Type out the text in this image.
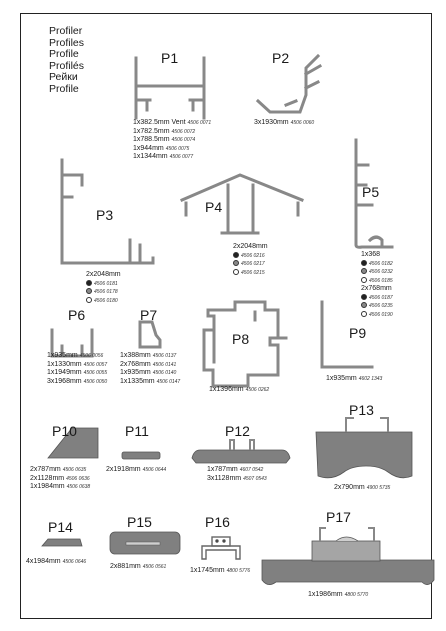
Profiler
Profiles
Profile
Profilés
Рейки
Profile
P1	P2
P3	P4
P5
P6	P7
P8	P9
P10	P11	P12
P13
P14	P15	P16	P17
1x382.5mm Vent 4506 0071
1x782.5mm 4506 0072
1x788.5mm 4506 0074
1x944mm 4506 0075
1x1344mm 4506 0077
3x1930mm 4506 0060
2x2048mm
4506 0181
4506 0178
4506 0180
2x2048mm
4506 0216
4506 0217
4506 0215
1x368
4506 0182
4506 0232
4506 0185
2x768mm
4506 0187
4506 0235
4506 0190
1x935mm 4506 0056
1x1330mm 4506 0057
1x1949mm 4506 0055
3x1968mm 4506 0050
1x388mm 4506 0137
2x768mm 4506 0141
1x935mm 4506 0140
1x1335mm 4506 0147
1x1396mm 4506 0262
1x935mm 4602 1343
2x787mm 4506 0635
2x1128mm 4506 0636
1x1984mm 4506 0638
2x1918mm 4506 0644	1x787mm 4607 0542
3x1128mm 4507 0543
2x790mm 4900 5735
4x1984mm 4506 0646
2x881mm 4506 0561	1x1745mm 4800 5776
1x1986mm 4800 5770
